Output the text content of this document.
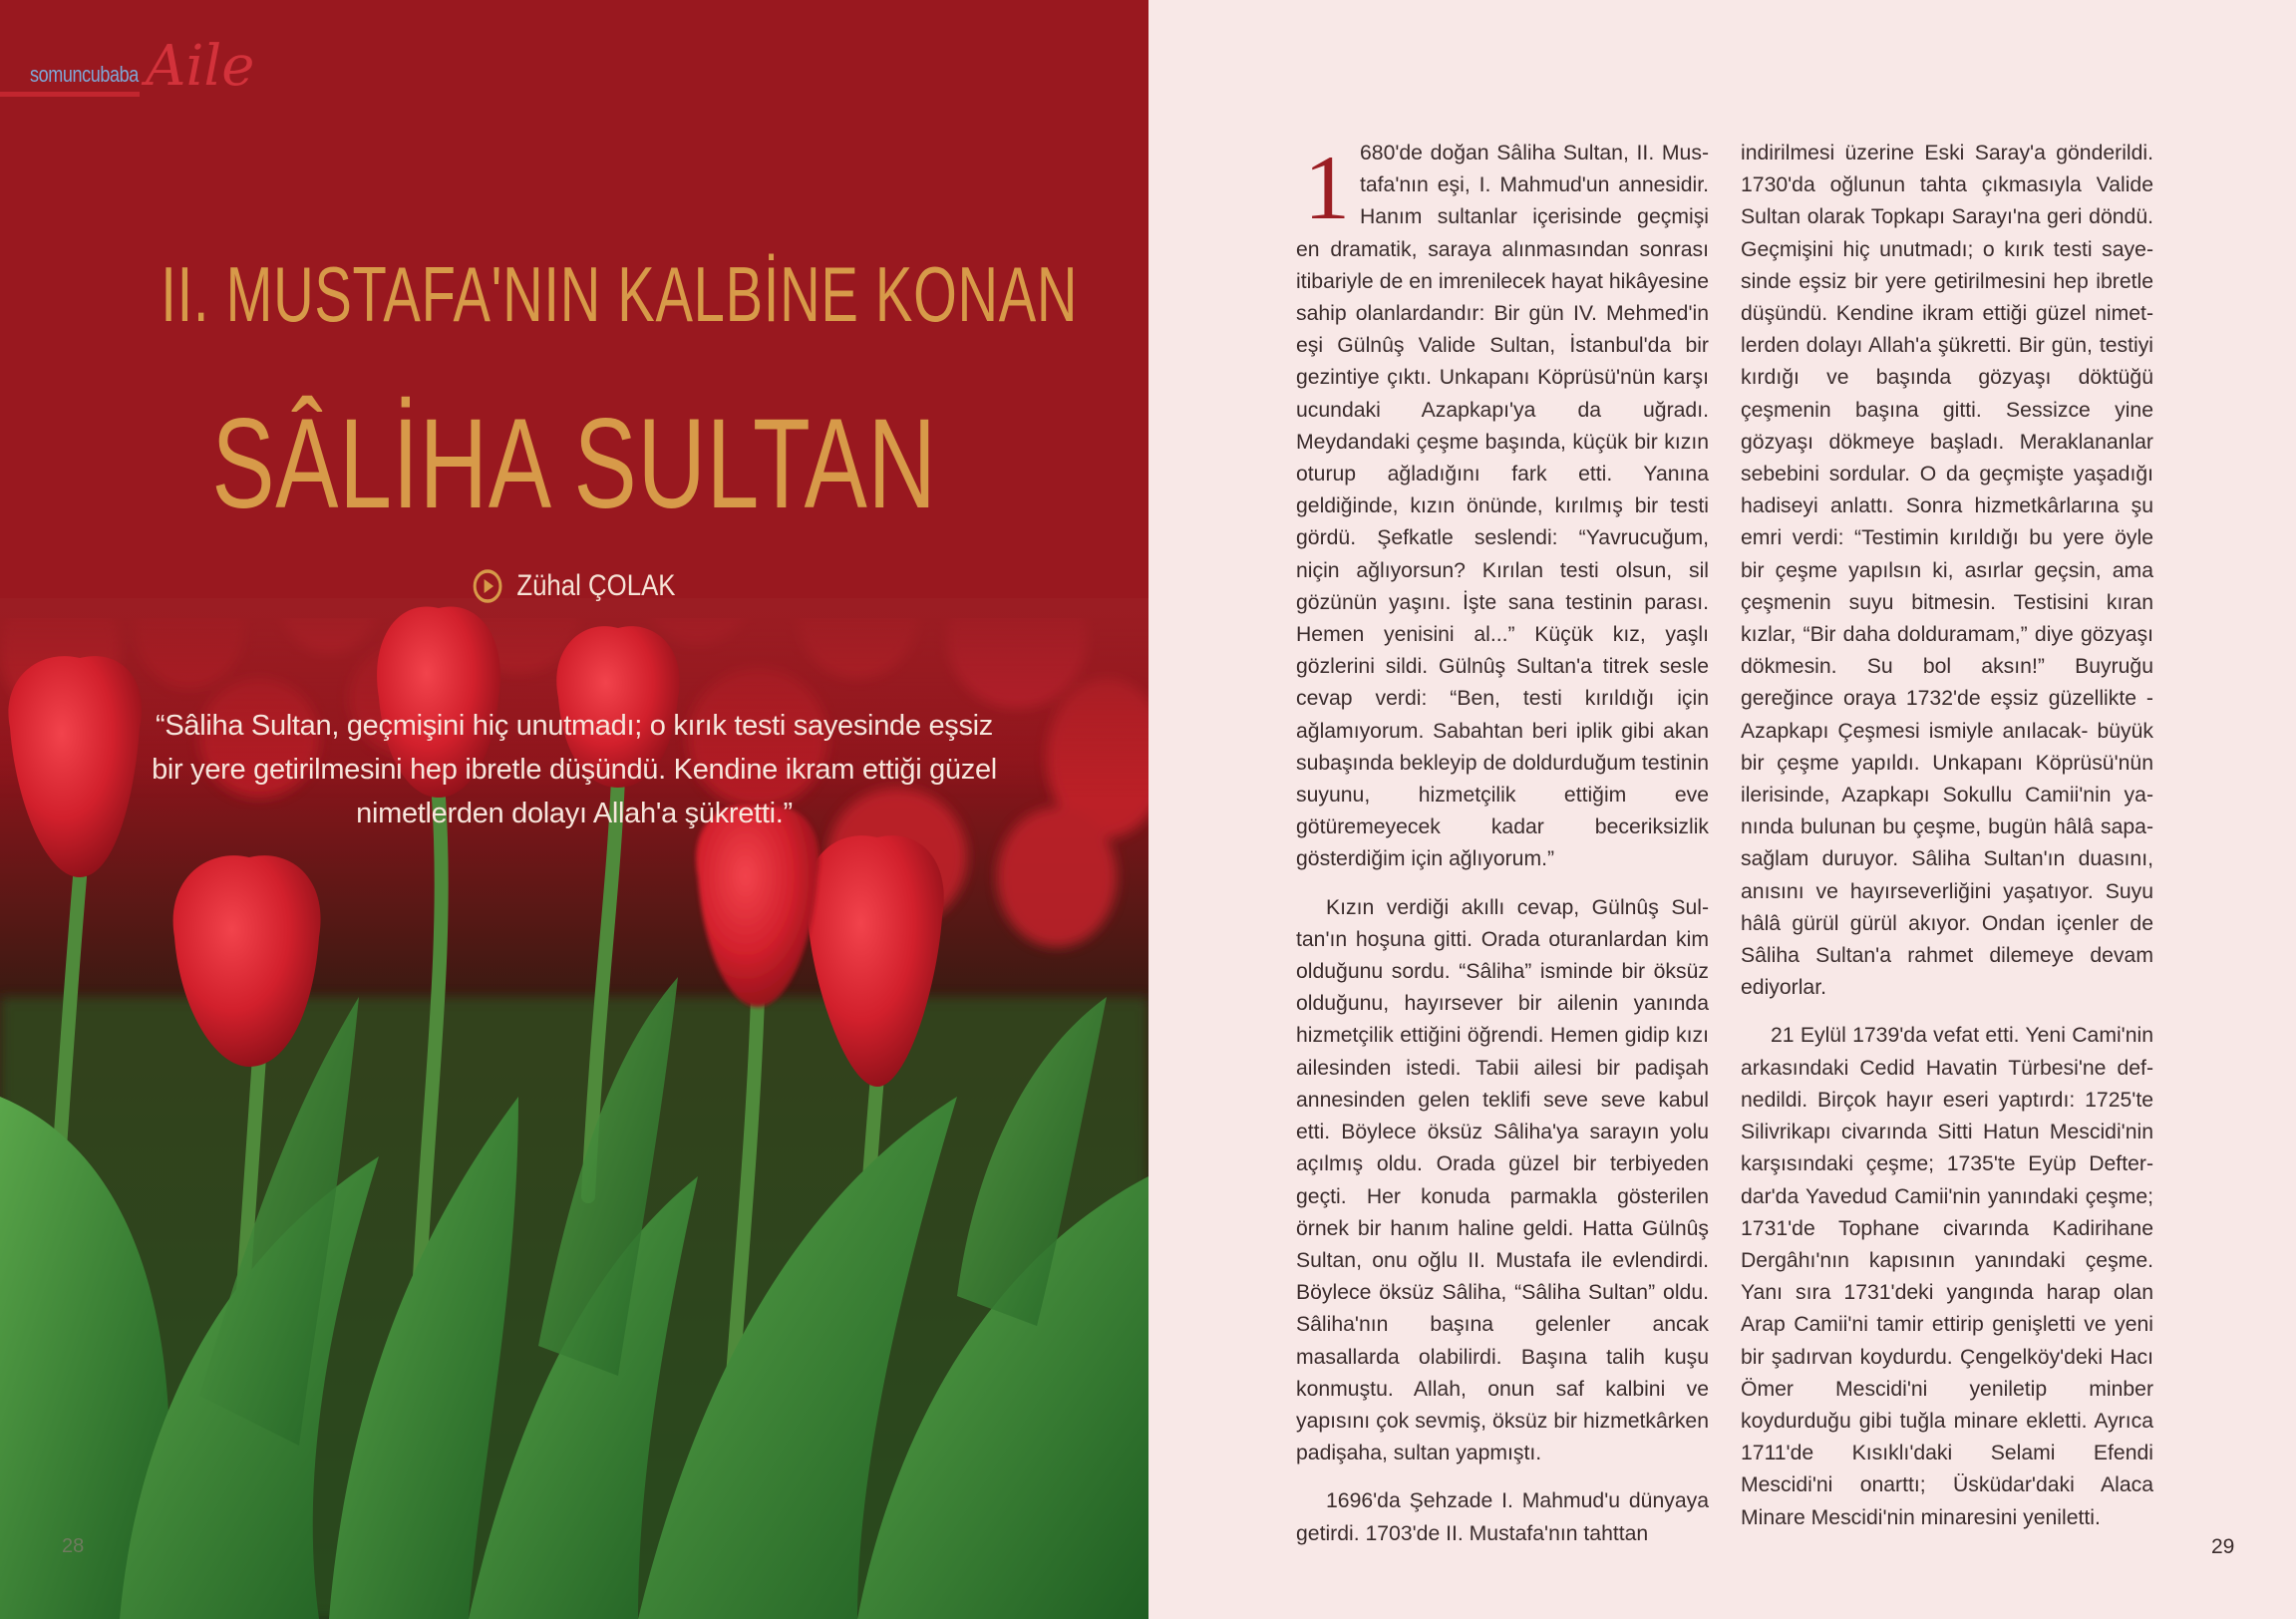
somuncubaba Aile
II. MUSTAFA'NIN KALBİNE KONAN
SÂLİHA SULTAN
Zühal ÇOLAK
“Sâliha Sultan, geçmişini hiç unutmadı; o kırık testi sayesinde eşsiz bir yere getirilmesini hep ibretle düşündü. Kendine ikram ettiği güzel nimetlerden dolayı Allah'a şükretti.”
28

1 680'de doğan Sâliha Sultan, II. Mustafa'nın eşi, I. Mahmud'un annesidir. Hanım sultanlar içerisinde geçmişi en dramatik, saraya alınmasından sonrası itibariyle de en imrenilecek hayat hikâyesine sahip olanlardandır: Bir gün IV. Mehmed'in eşi Gülnûş Valide Sultan, İstanbul'da bir gezintiye çıktı. Unkapanı Köprüsü'nün karşı ucundaki Azapkapı'ya da uğradı. Meydandaki çeşme başında, küçük bir kızın oturup ağladığını fark etti. Yanına geldiğinde, kızın önünde, kırılmış bir testi gördü. Şefkatle seslendi: “Yavrucuğum, niçin ağlıyorsun? Kırılan testi olsun, sil gözünün yaşını. İşte sana testinin parası. Hemen yenisini al...” Küçük kız, yaşlı gözlerini sildi. Gülnûş Sultan'a titrek sesle cevap verdi: “Ben, testi kırıldığı için ağlamıyorum. Sabahtan beri iplik gibi akan subaşında bekleyip de doldurduğum testinin suyunu, hizmetçilik ettiğim eve götüremeyecek kadar beceriksizlik gösterdiğim için ağlıyorum.”

Kızın verdiği akıllı cevap, Gülnûş Sultan'ın hoşuna gitti. Orada oturanlardan kim olduğunu sordu. “Sâliha” isminde bir öksüz olduğunu, hayırsever bir ailenin yanında hizmetçilik ettiğini öğrendi. Hemen gidip kızı ailesinden istedi. Tabii ailesi bir padişah annesinden gelen teklifi seve seve kabul etti. Böylece öksüz Sâliha'ya sarayın yolu açılmış oldu. Orada güzel bir terbiyeden geçti. Her konuda parmakla gösterilen örnek bir hanım haline geldi. Hatta Gülnûş Sultan, onu oğlu II. Mustafa ile evlendirdi. Böylece öksüz Sâliha, “Sâliha Sultan” oldu. Sâliha'nın başına gelenler ancak masallarda olabilirdi. Başına talih kuşu konmuştu. Allah, onun saf kalbini ve yapısını çok sevmiş, öksüz bir hizmetkârken padişaha, sultan yapmıştı.

1696'da Şehzade I. Mahmud'u dünyaya getirdi. 1703'de II. Mustafa'nın tahttan

indirilmesi üzerine Eski Saray'a gönderildi. 1730'da oğlunun tahta çıkmasıyla Valide Sultan olarak Topkapı Sarayı'na geri döndü. Geçmişini hiç unutmadı; o kırık testi sayesinde eşsiz bir yere getirilmesini hep ibretle düşündü. Kendine ikram ettiği güzel nimetlerden dolayı Allah'a şükretti. Bir gün, testiyi kırdığı ve başında gözyaşı döktüğü çeşmenin başına gitti. Sessizce yine gözyaşı dökmeye başladı. Meraklananlar sebebini sordular. O da geçmişte yaşadığı hadiseyi anlattı. Sonra hizmetkârlarına şu emri verdi: “Testimin kırıldığı bu yere öyle bir çeşme yapılsın ki, asırlar geçsin, ama çeşmenin suyu bitmesin. Testisini kıran kızlar, “Bir daha dolduramam,” diye gözyaşı dökmesin. Su bol aksın!” Buyruğu gereğince oraya 1732'de eşsiz güzellikte -Azapkapı Çeşmesi ismiyle anılacak- büyük bir çeşme yapıldı. Unkapanı Köprüsü'nün ilerisinde, Azapkapı Sokullu Camii'nin yanında bulunan bu çeşme, bugün hâlâ sapasağlam duruyor. Sâliha Sultan'ın duasını, anısını ve hayırseverliğini yaşatıyor. Suyu hâlâ gürül gürül akıyor. Ondan içenler de Sâliha Sultan'a rahmet dilemeye devam ediyorlar.

21 Eylül 1739'da vefat etti. Yeni Cami'nin arkasındaki Cedid Havatin Türbesi'ne defnedildi. Birçok hayır eseri yaptırdı: 1725'te Silivrikapı civarında Sitti Hatun Mescidi'nin karşısındaki çeşme; 1735'te Eyüp Defterdar'da Yavedud Camii'nin yanındaki çeşme; 1731'de Tophane civarında Kadirihane Dergâhı'nın kapısının yanındaki çeşme. Yanı sıra 1731'deki yangında harap olan Arap Camii'ni tamir ettirip genişletti ve yeni bir şadırvan koydurdu. Çengelköy'deki Hacı Ömer Mescidi'ni yeniletip minber koydurduğu gibi tuğla minare ekletti. Ayrıca 1711'de Kısıklı'daki Selami Efendi Mescidi'ni onarttı; Üsküdar'daki Alaca Minare Mescidi'nin minaresini yeniletti.

29
